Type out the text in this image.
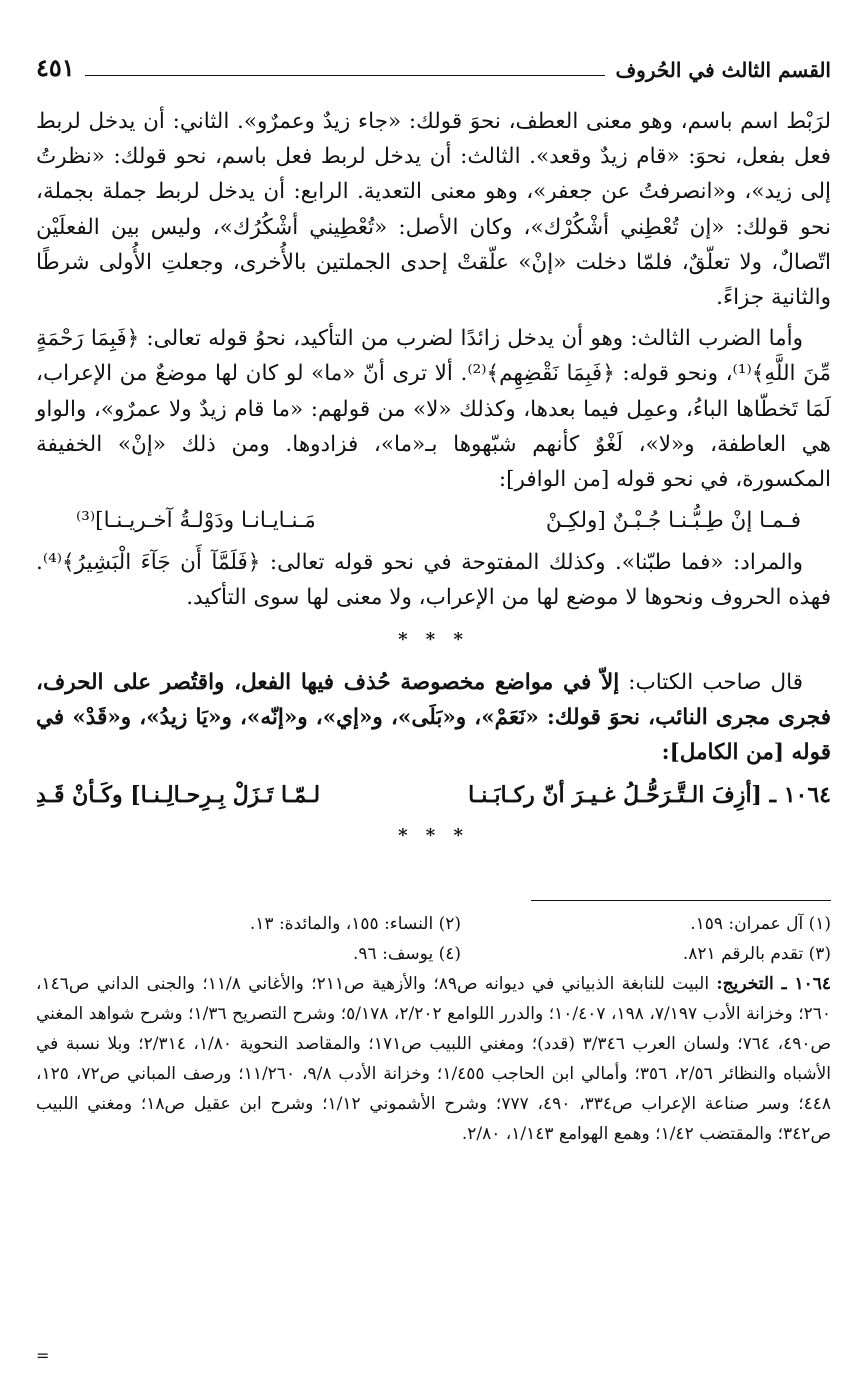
القسم الثالث في الحُروف
٤٥١

لرَبْط اسم باسم، وهو معنى العطف، نحوَ قولك: «جاء زيدٌ وعمرٌو». الثاني: أن يدخل لربط فعل بفعل، نحوَ: «قام زيدٌ وقعد». الثالث: أن يدخل لربط فعل باسم، نحو قولك: «نظرتُ إلى زيد»، و«انصرفتُ عن جعفر»، وهو معنى التعدية. الرابع: أن يدخل لربط جملة بجملة، نحو قولك: «إن تُعْطِني أشْكُرْك»، وكان الأصل: «تُعْطِيني أشْكُرُك»، وليس بين الفعلَيْن اتّصالٌ، ولا تعلّقٌ، فلمّا دخلت «إنْ» علّقتْ إحدى الجملتين بالأُخرى، وجعلتِ الأُولى شرطًا والثانية جزاءً.

وأما الضرب الثالث: وهو أن يدخل زائدًا لضرب من التأكيد، نحوُ قوله تعالى: ﴿فَبِمَا رَحْمَةٍ مِّنَ اللَّهِ﴾⁽¹⁾، ونحو قوله: ﴿فَبِمَا نَقْضِهِم﴾⁽²⁾. ألا ترى أنّ «ما» لو كان لها موضعٌ من الإعراب، لَمَا تَخطّاها الباءُ، وعمِل فيما بعدها، وكذلك «لا» من قولهم: «ما قام زيدٌ ولا عمرٌو»، والواو هي العاطفة، و«لا»، لَغْوٌ كأنهم شبّهوها بـ«ما»، فزادوها. ومن ذلك «إنْ» الخفيفة المكسورة، في نحو قوله [من الوافر]:

فـمـا إنْ طِـبُّـنـا جُـبْـنٌ [ولكِـنْ
مَـنـايـانـا ودَوْلـةُ آخـريـنـا]⁽³⁾

والمراد: «فما طبّنا». وكذلك المفتوحة في نحو قوله تعالى: ﴿فَلَمَّآ أَن جَآءَ الْبَشِيرُ﴾⁽⁴⁾. فهذه الحروف ونحوها لا موضع لها من الإعراب، ولا معنى لها سوى التأكيد.

* * *

قال صاحب الكتاب: إلاّ في مواضع مخصوصة حُذف فيها الفعل، واقتُصر على الحرف، فجرى مجرى النائب، نحوَ قولك: «نَعَمْ»، و«بَلَى»، و«إي»، و«إنّه»، و«يَا زيدُ»، و«قَدْ» في قوله [من الكامل]:

١٠٦٤ ـ [أزِفَ الـتَّـرَحُّـلُ غـيـرَ أنّ ركـابَـنـا
لـمّـا تَـزَلْ بِـرِحـالِـنـا] وكَـأنْ قَـدِ
* * *
(١) آل عمران: ١٥٩.
(٢) النساء: ١٥٥، والمائدة: ١٣.
(٣) تقدم بالرقم ٨٢١.
(٤) يوسف: ٩٦.
١٠٦٤ ـ التخريج: البيت للنابغة الذبياني في ديوانه ص٨٩؛ والأزهية ص٢١١؛ والأغاني ١١/٨؛ والجنى الداني ص١٤٦، ٢٦٠؛ وخزانة الأدب ٧/١٩٧، ١٩٨، ١٠/٤٠٧؛ والدرر اللوامع ٢/٢٠٢، ٥/١٧٨؛ وشرح التصريح ١/٣٦؛ وشرح شواهد المغني ص٤٩٠، ٧٦٤؛ ولسان العرب ٣/٣٤٦ (قدد)؛ ومغني اللبيب ص١٧١؛ والمقاصد النحوية ١/٨٠، ٢/٣١٤؛ وبلا نسبة في الأشباه والنظائر ٢/٥٦، ٣٥٦؛ وأمالي ابن الحاجب ١/٤٥٥؛ وخزانة الأدب ٩/٨، ١١/٢٦٠؛ ورصف المباني ص٧٢، ١٢٥، ٤٤٨؛ وسر صناعة الإعراب ص٣٣٤، ٤٩٠، ٧٧٧؛ وشرح الأشموني ١/١٢؛ وشرح ابن عقيل ص١٨؛ ومغني اللبيب ص٣٤٢؛ والمقتضب ١/٤٢؛ وهمع الهوامع ١/١٤٣، ٢/٨٠.
=
